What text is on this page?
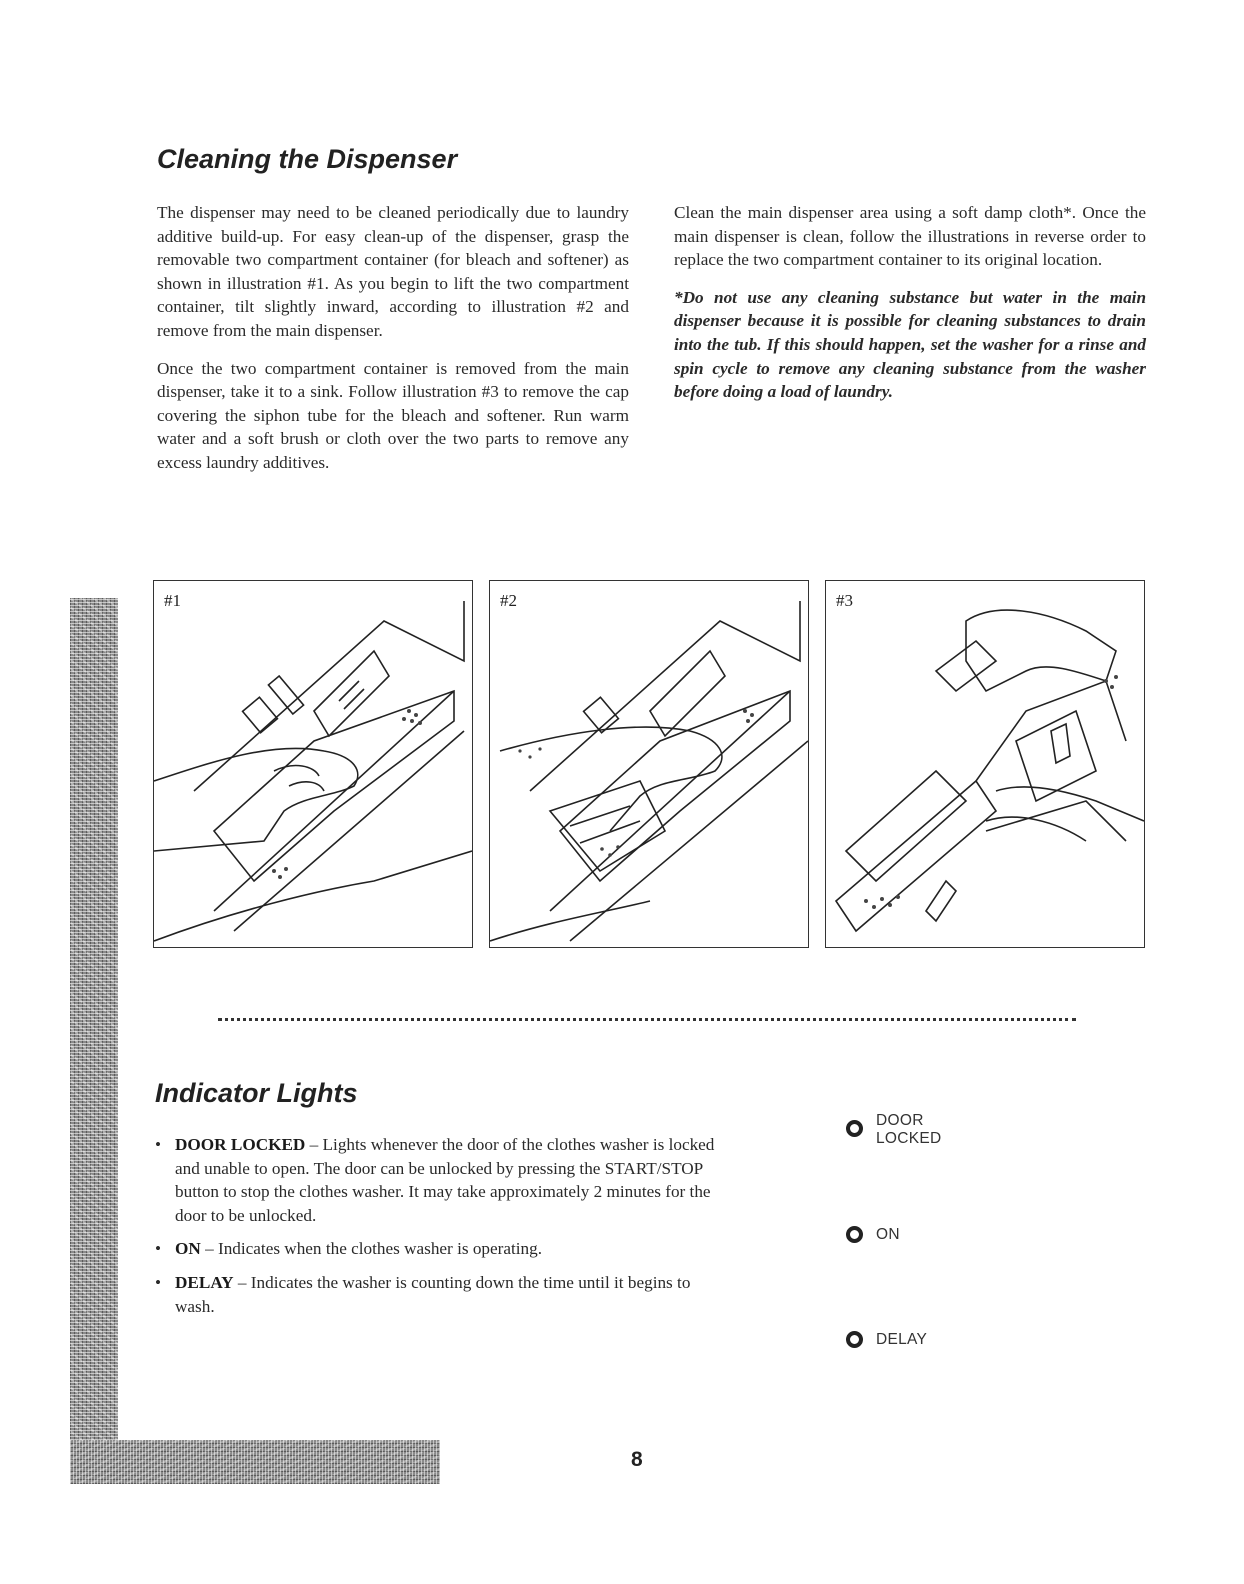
Cleaning the Dispenser

The dispenser may need to be cleaned periodically due to laundry additive build-up. For easy clean-up of the dispenser, grasp the removable two compartment container (for bleach and softener) as shown in illustration #1. As you begin to lift the two compartment container, tilt slightly inward, according to illustration #2 and remove from the main dispenser.

Once the two compartment container is removed from the main dispenser, take it to a sink. Follow illustration #3 to remove the cap covering the siphon tube for the bleach and softener. Run warm water and a soft brush or cloth over the two parts to remove any excess laundry additives.

Clean the main dispenser area using a soft damp cloth*. Once the main dispenser is clean, follow the illustrations in reverse order to replace the two compartment container to its original location.

*Do not use any cleaning substance but water in the main dispenser because it is possible for cleaning substances to drain into the tub. If this should happen, set the washer for a rinse and spin cycle to remove any cleaning substance from the washer before doing a load of laundry.

#1	#2	#3
Indicator Lights
• DOOR LOCKED – Lights whenever the door of the clothes washer is locked and unable to open. The door can be unlocked by pressing the START/STOP button to stop the clothes washer. It may take approximately 2 minutes for the door to be unlocked.
• ON – Indicates when the clothes washer is operating.
• DELAY – Indicates the washer is counting down the time until it begins to wash.
DOOR
LOCKED
ON
DELAY
8
